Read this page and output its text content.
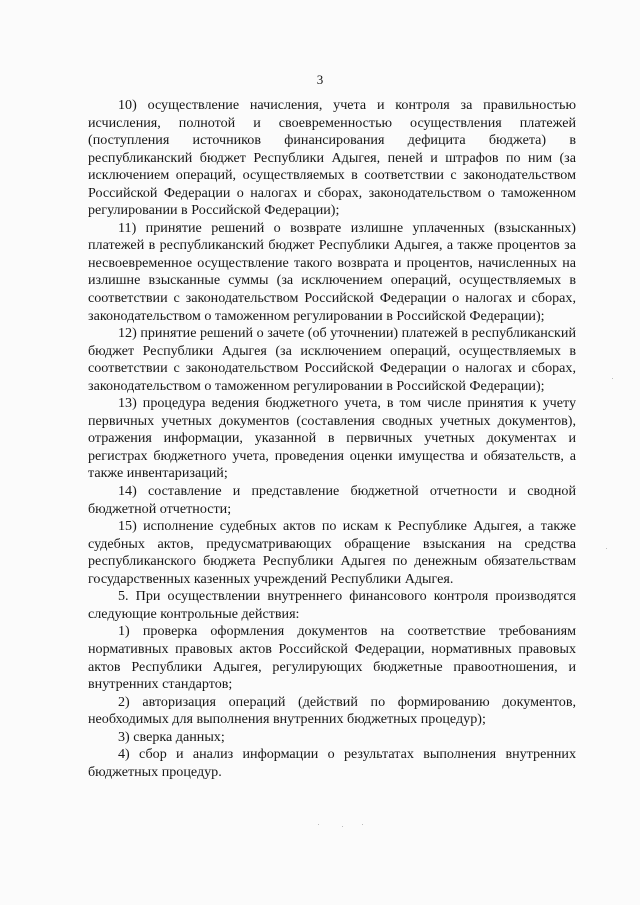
3

10) осуществление начисления, учета и контроля за правильностью исчисления, полнотой и своевременностью осуществления платежей (поступления источников финансирования дефицита бюджета) в республиканский бюджет Республики Адыгея, пеней и штрафов по ним (за исключением операций, осуществляемых в соответствии с законодательством Российской Федерации о налогах и сборах, законодательством о таможенном регулировании в Российской Федерации);

11) принятие решений о возврате излишне уплаченных (взысканных) платежей в республиканский бюджет Республики Адыгея, а также процентов за несвоевременное осуществление такого возврата и процентов, начисленных на излишне взысканные суммы (за исключением операций, осуществляемых в соответствии с законодательством Российской Федерации о налогах и сборах, законодательством о таможенном регулировании в Российской Федерации);

12) принятие решений о зачете (об уточнении) платежей в республиканский бюджет Республики Адыгея (за исключением операций, осуществляемых в соответствии с законодательством Российской Федерации о налогах и сборах, законодательством о таможенном регулировании в Российской Федерации);

13) процедура ведения бюджетного учета, в том числе принятия к учету первичных учетных документов (составления сводных учетных документов), отражения информации, указанной в первичных учетных документах и регистрах бюджетного учета, проведения оценки имущества и обязательств, а также инвентаризаций;

14) составление и представление бюджетной отчетности и сводной бюджетной отчетности;

15) исполнение судебных актов по искам к Республике Адыгея, а также судебных актов, предусматривающих обращение взыскания на средства республиканского бюджета Республики Адыгея по денежным обязательствам государственных казенных учреждений Республики Адыгея.

5. При осуществлении внутреннего финансового контроля производятся следующие контрольные действия:

1) проверка оформления документов на соответствие требованиям нормативных правовых актов Российской Федерации, нормативных правовых актов Республики Адыгея, регулирующих бюджетные правоотношения, и внутренних стандартов;

2) авторизация операций (действий по формированию документов, необходимых для выполнения внутренних бюджетных процедур);

3) сверка данных;

4) сбор и анализ информации о результатах выполнения внутренних бюджетных процедур.
